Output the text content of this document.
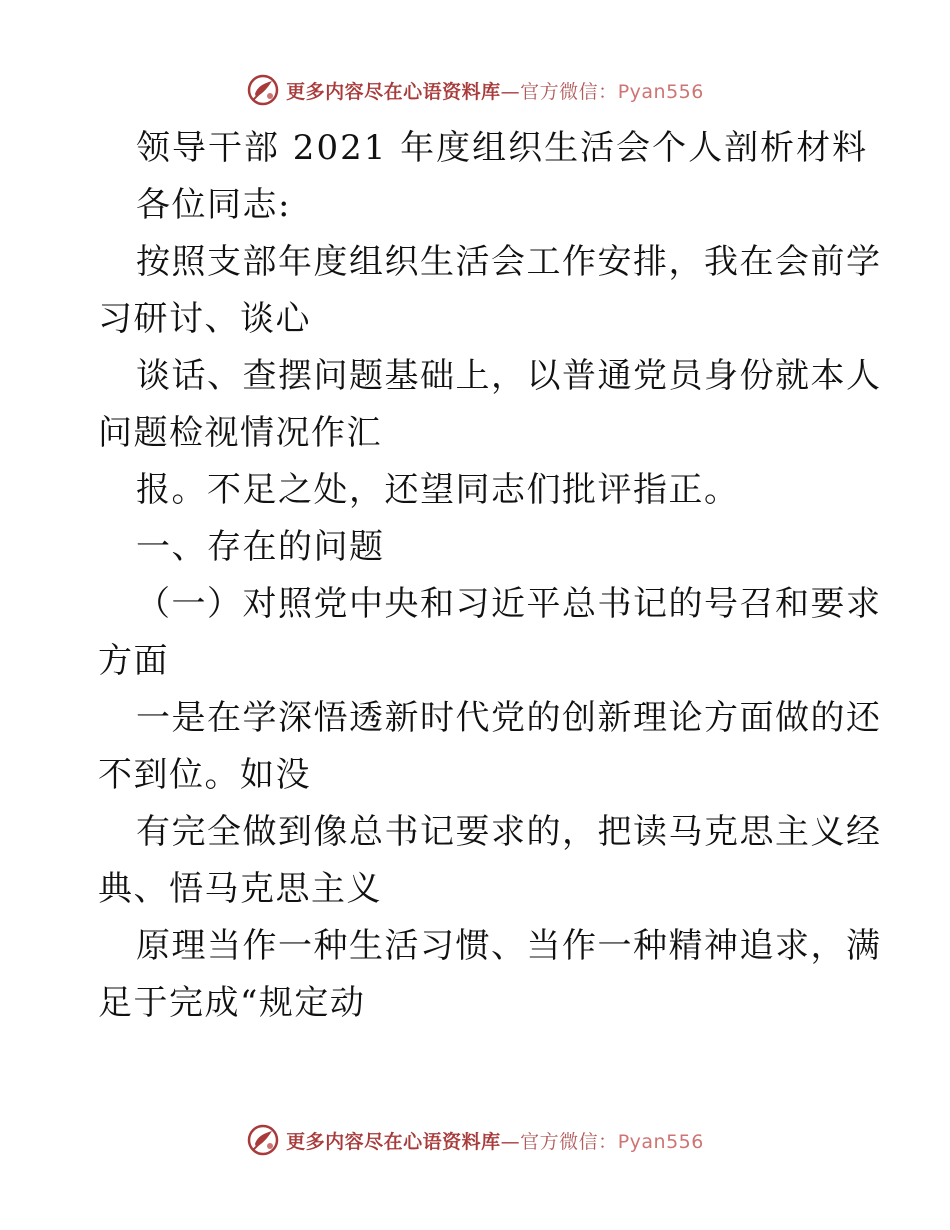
更多内容尽在心语资料库—官方微信：Pyan556
领导干部 2021 年度组织生活会个人剖析材料
各位同志:
按照支部年度组织生活会工作安排，我在会前学
习研讨、谈心
谈话、查摆问题基础上，以普通党员身份就本人
问题检视情况作汇
报。不足之处，还望同志们批评指正。
一、存在的问题
（一）对照党中央和习近平总书记的号召和要求
方面
一是在学深悟透新时代党的创新理论方面做的还
不到位。如没
有完全做到像总书记要求的，把读马克思主义经
典、悟马克思主义
原理当作一种生活习惯、当作一种精神追求，满
足于完成“规定动
更多内容尽在心语资料库—官方微信：Pyan556
